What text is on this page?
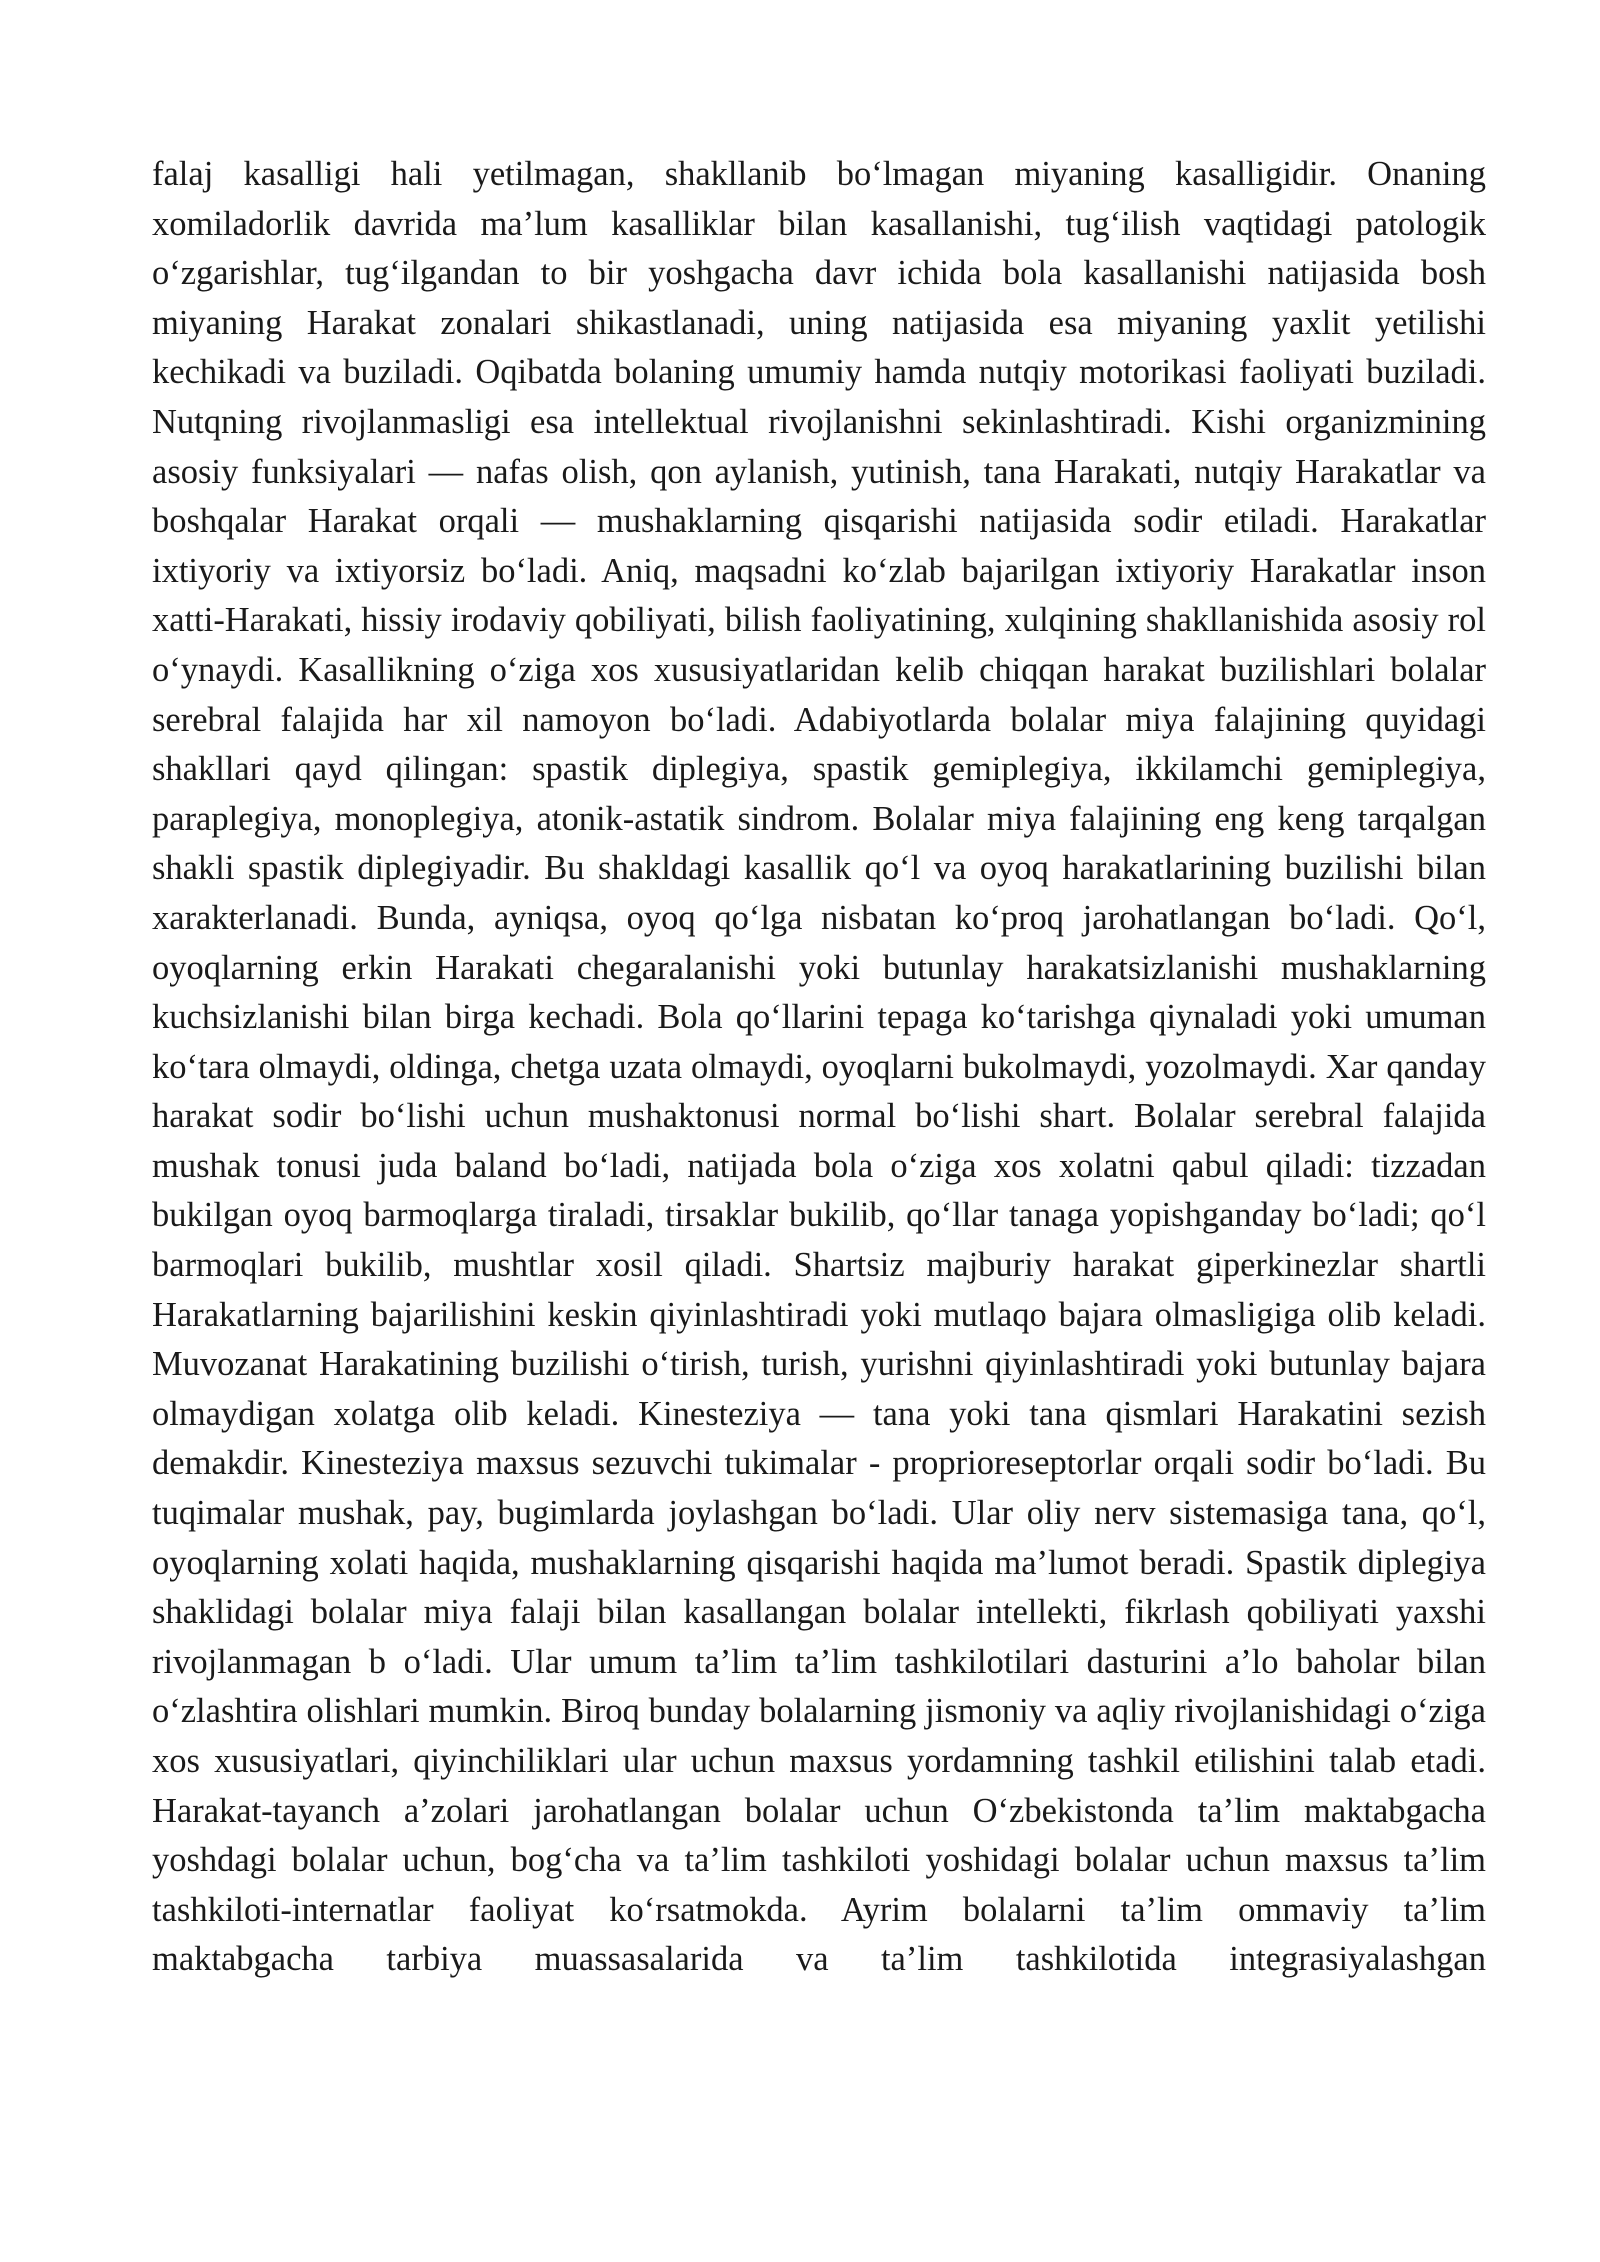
falaj kasalligi hali yetilmagan, shakllanib bo‘lmagan miyaning kasalligidir. Onaning xomiladorlik davrida ma’lum kasalliklar bilan kasallanishi, tug‘ilish vaqtidagi patologik o‘zgarishlar, tug‘ilgandan to bir yoshgacha davr ichida bola kasallanishi natijasida bosh miyaning Harakat zonalari shikastlanadi, uning natijasida esa miyaning yaxlit yetilishi kechikadi va buziladi. Oqibatda bolaning umumiy hamda nutqiy motorikasi faoliyati buziladi. Nutqning rivojlanmasligi esa intellektual rivojlanishni sekinlashtiradi. Kishi organizmining asosiy funksiyalari — nafas olish, qon aylanish, yutinish, tana Harakati, nutqiy Harakatlar va boshqalar Harakat orqali — mushaklarning qisqarishi natijasida sodir etiladi. Harakatlar ixtiyoriy va ixtiyorsiz bo‘ladi. Aniq, maqsadni ko‘zlab bajarilgan ixtiyoriy Harakatlar inson xatti-Harakati, hissiy irodaviy qobiliyati, bilish faoliyatining, xulqining shakllanishida asosiy rol o‘ynaydi. Kasallikning o‘ziga xos xususiyatlaridan kelib chiqqan harakat buzilishlari bolalar serebral falajida har xil namoyon bo‘ladi. Adabiyotlarda bolalar miya falajining quyidagi shakllari qayd qilingan: spastik diplegiya, spastik gemiplegiya, ikkilamchi gemiplegiya, paraplegiya, monoplegiya, atonik-astatik sindrom. Bolalar miya falajining eng keng tarqalgan shakli spastik diplegiyadir. Bu shakldagi kasallik qo‘l va oyoq harakatlarining buzilishi bilan xarakterlanadi. Bunda, ayniqsa, oyoq qo‘lga nisbatan ko‘proq jarohatlangan bo‘ladi. Qo‘l, oyoqlarning erkin Harakati chegaralanishi yoki butunlay harakatsizlanishi mushaklarning kuchsizlanishi bilan birga kechadi. Bola qo‘llarini tepaga ko‘tarishga qiynaladi yoki umuman ko‘tara olmaydi, oldinga, chetga uzata olmaydi, oyoqlarni bukolmaydi, yozolmaydi. Xar qanday harakat sodir bo‘lishi uchun mushaktonusi normal bo‘lishi shart. Bolalar serebral falajida mushak tonusi juda baland bo‘ladi, natijada bola o‘ziga xos xolatni qabul qiladi: tizzadan bukilgan oyoq barmoqlarga tiraladi, tirsaklar bukilib, qo‘llar tanaga yopishganday bo‘ladi; qo‘l barmoqlari bukilib, mushtlar xosil qiladi. Shartsiz majburiy harakat giperkinezlar shartli Harakatlarning bajarilishini keskin qiyinlashtiradi yoki mutlaqo bajara olmasligiga olib keladi. Muvozanat Harakatining buzilishi o‘tirish, turish, yurishni qiyinlashtiradi yoki butunlay bajara olmaydigan xolatga olib keladi. Kinesteziya — tana yoki tana qismlari Harakatini sezish demakdir. Kinesteziya maxsus sezuvchi tukimalar - proprioreseptorlar orqali sodir bo‘ladi. Bu tuqimalar mushak, pay, bugimlarda joylashgan bo‘ladi. Ular oliy nerv sistemasiga tana, qo‘l, oyoqlarning xolati haqida, mushaklarning qisqarishi haqida ma’lumot beradi. Spastik diplegiya shaklidagi bolalar miya falaji bilan kasallangan bolalar intellekti, fikrlash qobiliyati yaxshi rivojlanmagan b o‘ladi. Ular umum ta’lim ta’lim tashkilotilari dasturini a’lo baholar bilan o‘zlashtira olishlari mumkin. Biroq bunday bolalarning jismoniy va aqliy rivojlanishidagi o‘ziga xos xususiyatlari, qiyinchiliklari ular uchun maxsus yordamning tashkil etilishini talab etadi. Harakat-tayanch a’zolari jarohatlangan bolalar uchun O‘zbekistonda ta’lim maktabgacha yoshdagi bolalar uchun, bog‘cha va ta’lim tashkiloti yoshidagi bolalar uchun maxsus ta’lim tashkiloti-internatlar faoliyat ko‘rsatmokda. Ayrim bolalarni ta’lim ommaviy ta’lim maktabgacha tarbiya muassasalarida va ta’lim tashkilotida integrasiyalashgan
